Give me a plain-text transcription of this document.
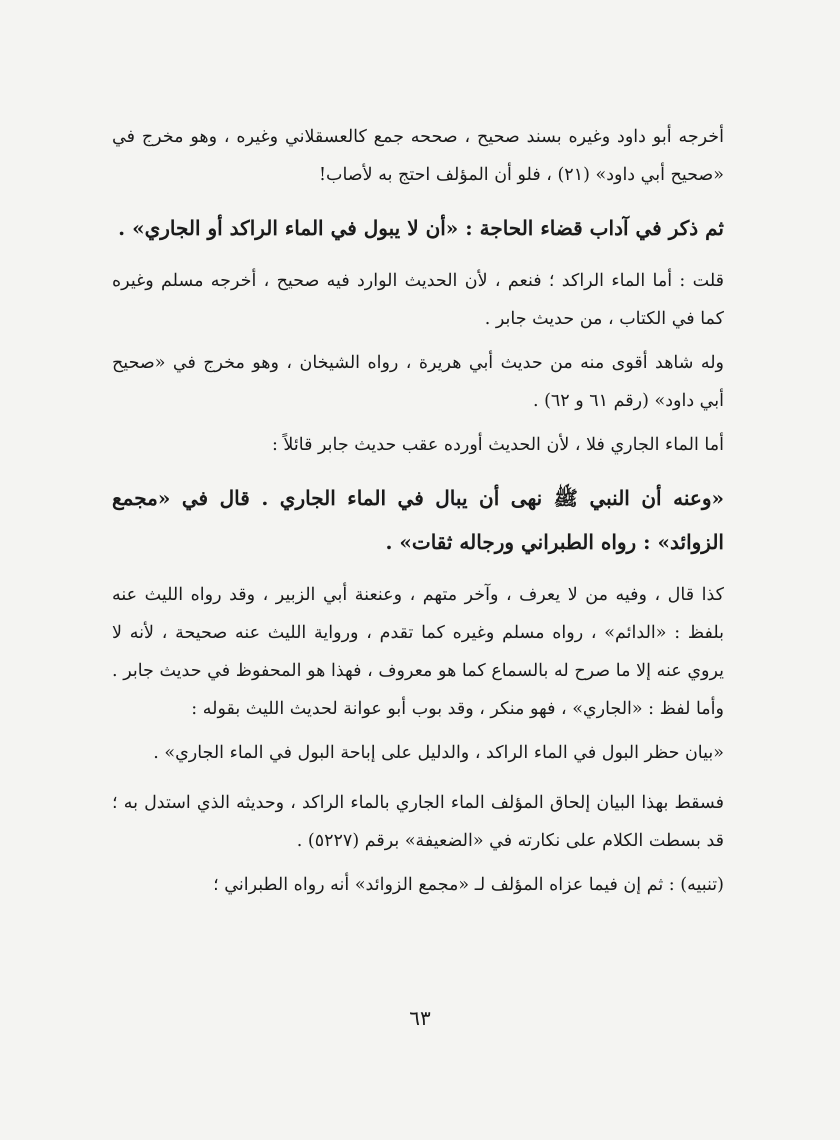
أخرجه أبو داود وغيره بسند صحيح ، صححه جمع كالعسقلاني وغيره ، وهو مخرج في «صحيح أبي داود» (٢١) ، فلو أن المؤلف احتج به لأصاب!

ثم ذكر في آداب قضاء الحاجة : «أن لا يبول في الماء الراكد أو الجاري» .

قلت : أما الماء الراكد ؛ فنعم ، لأن الحديث الوارد فيه صحيح ، أخرجه مسلم وغيره كما في الكتاب ، من حديث جابر .

وله شاهد أقوى منه من حديث أبي هريرة ، رواه الشيخان ، وهو مخرج في «صحيح أبي داود» (رقم ٦١ و ٦٢) .

أما الماء الجاري فلا ، لأن الحديث أورده عقب حديث جابر قائلاً :

«وعنه أن النبي ﷺ نهى أن يبال في الماء الجاري . قال في «مجمع الزوائد» : رواه الطبراني ورجاله ثقات» .

كذا قال ، وفيه من لا يعرف ، وآخر متهم ، وعنعنة أبي الزبير ، وقد رواه الليث عنه بلفظ : «الدائم» ، رواه مسلم وغيره كما تقدم ، ورواية الليث عنه صحيحة ، لأنه لا يروي عنه إلا ما صرح له بالسماع كما هو معروف ، فهذا هو المحفوظ في حديث جابر . وأما لفظ : «الجاري» ، فهو منكر ، وقد بوب أبو عوانة لحديث الليث بقوله :

«بيان حظر البول في الماء الراكد ، والدليل على إباحة البول في الماء الجاري» .

فسقط بهذا البيان إلحاق المؤلف الماء الجاري بالماء الراكد ، وحديثه الذي استدل به ؛ قد بسطت الكلام على نكارته في «الضعيفة» برقم (٥٢٢٧) .

(تنبيه) : ثم إن فيما عزاه المؤلف لـ «مجمع الزوائد» أنه رواه الطبراني ؛

٦٣
